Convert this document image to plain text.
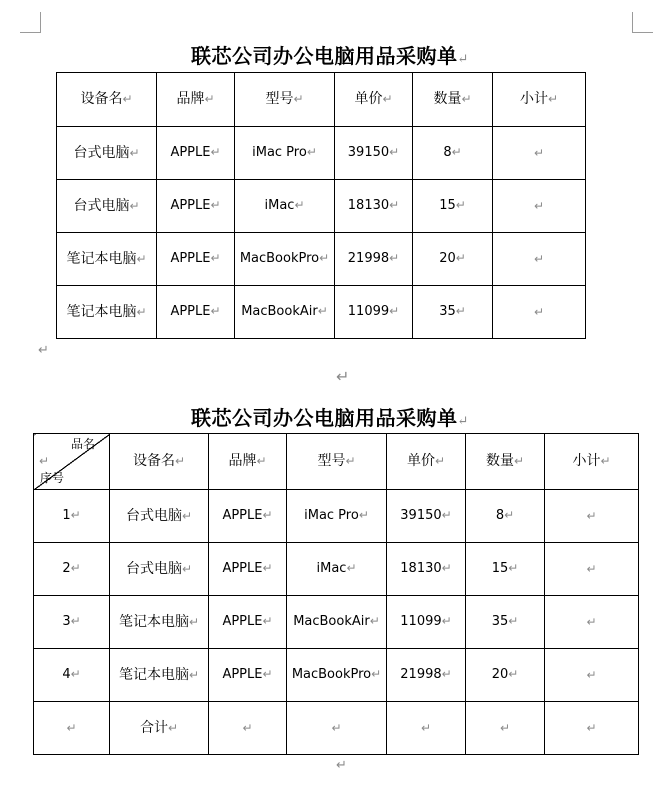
联芯公司办公电脑用品采购单↵
设备名↵	品牌↵	型号↵	单价↵	数量↵	小计↵
台式电脑↵	APPLE↵	iMac Pro↵	39150↵	8↵	↵
台式电脑↵	APPLE↵	iMac↵	18130↵	15↵	↵
笔记本电脑↵	APPLE↵	MacBookPro↵	21998↵	20↵	↵
笔记本电脑↵	APPLE↵	MacBookAir↵	11099↵	35↵	↵
↵
↵
联芯公司办公电脑用品采购单↵
品名
↵
序号	设备名↵	品牌↵	型号↵	单价↵	数量↵	小计↵
1↵	台式电脑↵	APPLE↵	iMac Pro↵	39150↵	8↵	↵
2↵	台式电脑↵	APPLE↵	iMac↵	18130↵	15↵	↵
3↵	笔记本电脑↵	APPLE↵	MacBookAir↵	11099↵	35↵	↵
4↵	笔记本电脑↵	APPLE↵	MacBookPro↵	21998↵	20↵	↵
↵	合计↵	↵	↵	↵	↵	↵
↵
